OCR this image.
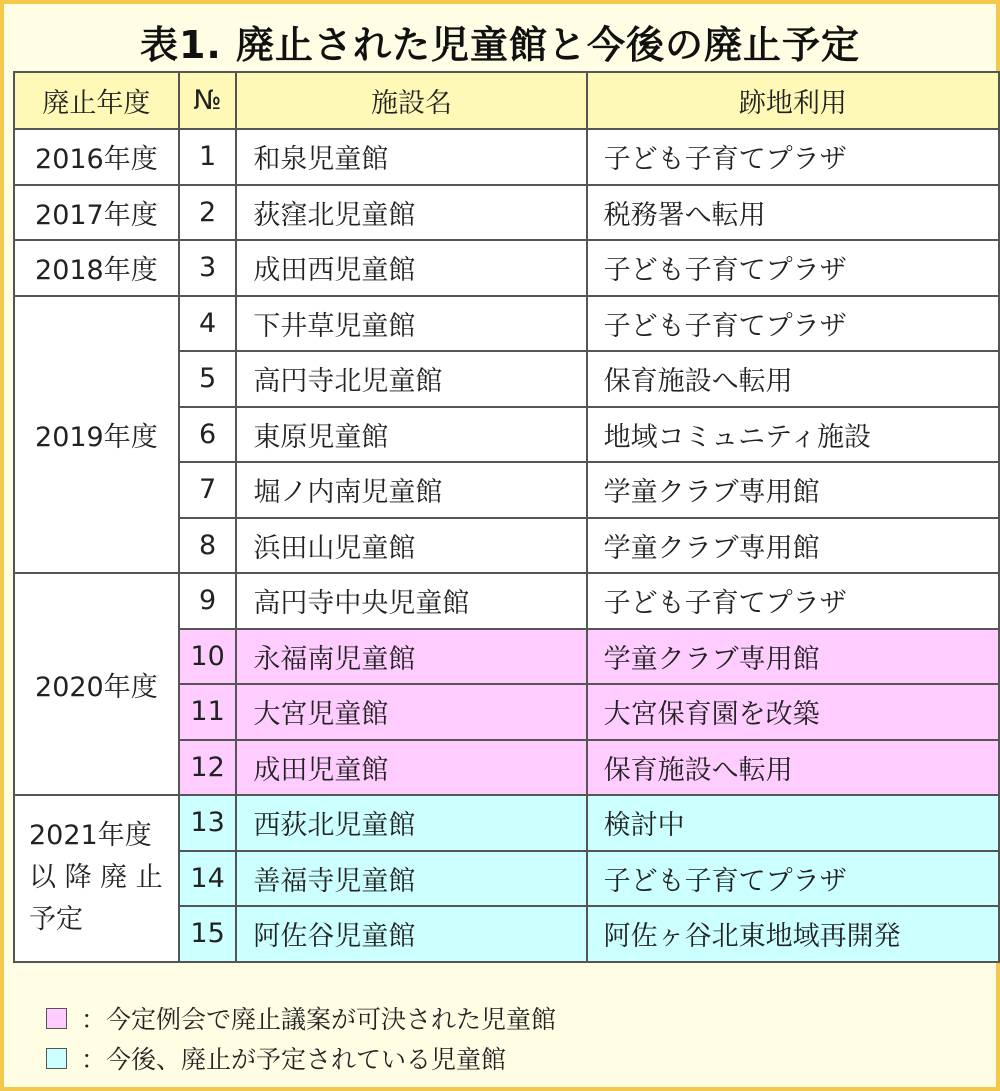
表1. 廃止された児童館と今後の廃止予定
廃止年度	№	施設名	跡地利用
2016年度	1	和泉児童館	子ども子育てプラザ
2017年度	2	荻窪北児童館	税務署へ転用
2018年度	3	成田西児童館	子ども子育てプラザ
2019年度	4	下井草児童館	子ども子育てプラザ
	5	高円寺北児童館	保育施設へ転用
	6	東原児童館	地域コミュニティ施設
	7	堀ノ内南児童館	学童クラブ専用館
	8	浜田山児童館	学童クラブ専用館
2020年度	9	高円寺中央児童館	子ども子育てプラザ
	10	永福南児童館	学童クラブ専用館
	11	大宮児童館	大宮保育園を改築
	12	成田児童館	保育施設へ転用

2021年度
以 降 廃 止
予定	13	西荻北児童館	検討中
	14	善福寺児童館	子ども子育てプラザ
	15	阿佐谷児童館	阿佐ヶ谷北東地域再開発
：今定例会で廃止議案が可決された児童館
：今後、廃止が予定されている児童館
